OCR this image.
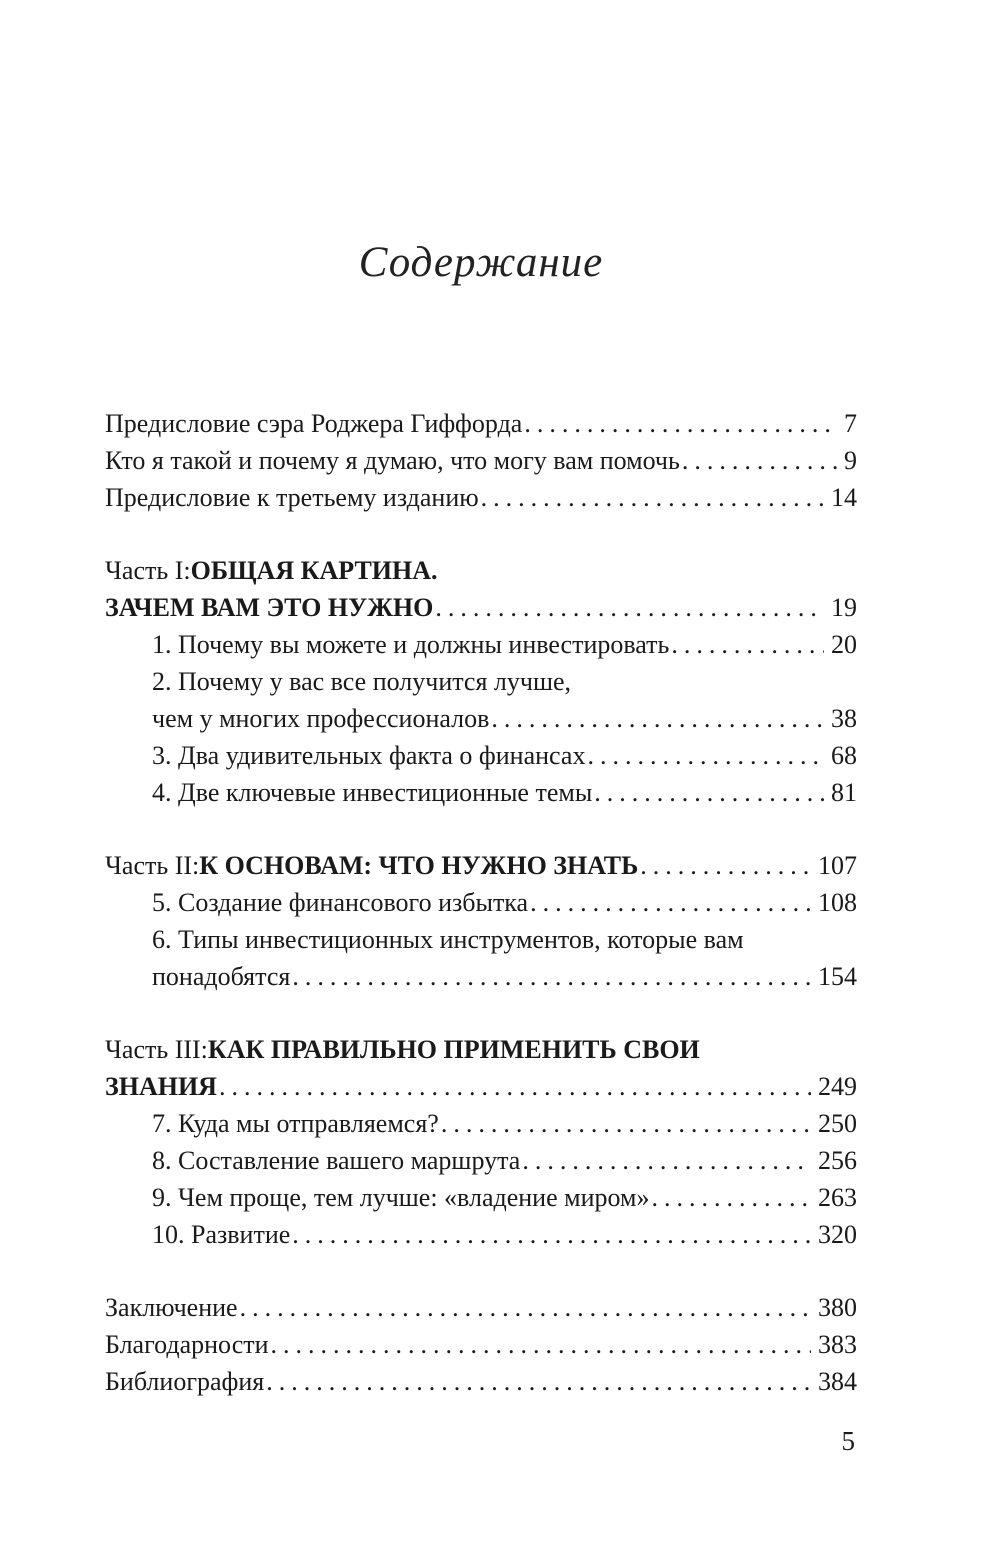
Содержание
Предисловие сэра Роджера Гиффорда .....	7
Кто я такой и почему я думаю, что могу вам помочь .....	9
Предисловие к третьему изданию .....	14
Часть I: ОБЩАЯ КАРТИНА.
ЗАЧЕМ ВАМ ЭТО НУЖНО .....	19
1. Почему вы можете и должны инвестировать .....	20
2. Почему у вас все получится лучше,
чем у многих профессионалов .....	38
3. Два удивительных факта о финансах .....	68
4. Две ключевые инвестиционные темы .....	81
Часть II: К ОСНОВАМ: ЧТО НУЖНО ЗНАТЬ .....	107
5. Создание финансового избытка .....	108
6. Типы инвестиционных инструментов, которые вам
понадобятся .....	154
Часть III: КАК ПРАВИЛЬНО ПРИМЕНИТЬ СВОИ
ЗНАНИЯ .....	249
7. Куда мы отправляемся? .....	250
8. Составление вашего маршрута .....	256
9. Чем проще, тем лучше: «владение миром» .....	263
10. Развитие .....	320
Заключение .....	380
Благодарности .....	383
Библиография .....	384
5
